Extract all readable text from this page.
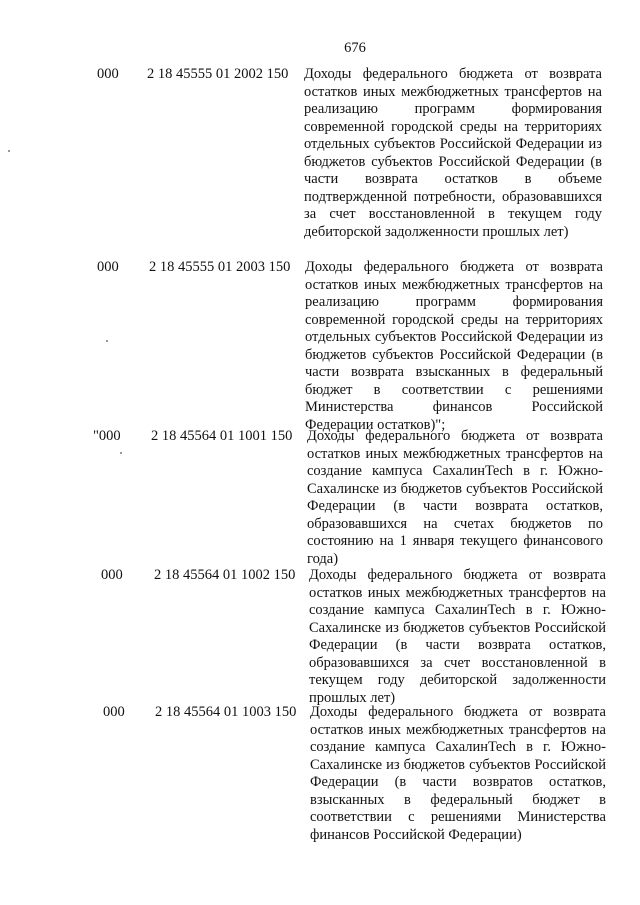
676
000 2 18 45555 01 2002 150 Доходы федерального бюджета от возврата остатков иных межбюджетных трансфертов на реализацию программ формирования современной городской среды на территориях отдельных субъектов Российской Федерации из бюджетов субъектов Российской Федерации (в части возврата остатков в объеме подтвержденной потребности, образовавшихся за счет восстановленной в текущем году дебиторской задолженности прошлых лет)
000 2 18 45555 01 2003 150 Доходы федерального бюджета от возврата остатков иных межбюджетных трансфертов на реализацию программ формирования современной городской среды на территориях отдельных субъектов Российской Федерации из бюджетов субъектов Российской Федерации (в части возврата взысканных в федеральный бюджет в соответствии с решениями Министерства финансов Российской Федерации остатков)";
"000 2 18 45564 01 1001 150 Доходы федерального бюджета от возврата остатков иных межбюджетных трансфертов на создание кампуса СахалинTech в г. Южно-Сахалинске из бюджетов субъектов Российской Федерации (в части возврата остатков, образовавшихся на счетах бюджетов по состоянию на 1 января текущего финансового года)
000 2 18 45564 01 1002 150 Доходы федерального бюджета от возврата остатков иных межбюджетных трансфертов на создание кампуса СахалинTech в г. Южно-Сахалинске из бюджетов субъектов Российской Федерации (в части возврата остатков, образовавшихся за счет восстановленной в текущем году дебиторской задолженности прошлых лет)
000 2 18 45564 01 1003 150 Доходы федерального бюджета от возврата остатков иных межбюджетных трансфертов на создание кампуса СахалинTech в г. Южно-Сахалинске из бюджетов субъектов Российской Федерации (в части возвратов остатков, взысканных в федеральный бюджет в соответствии с решениями Министерства финансов Российской Федерации)
